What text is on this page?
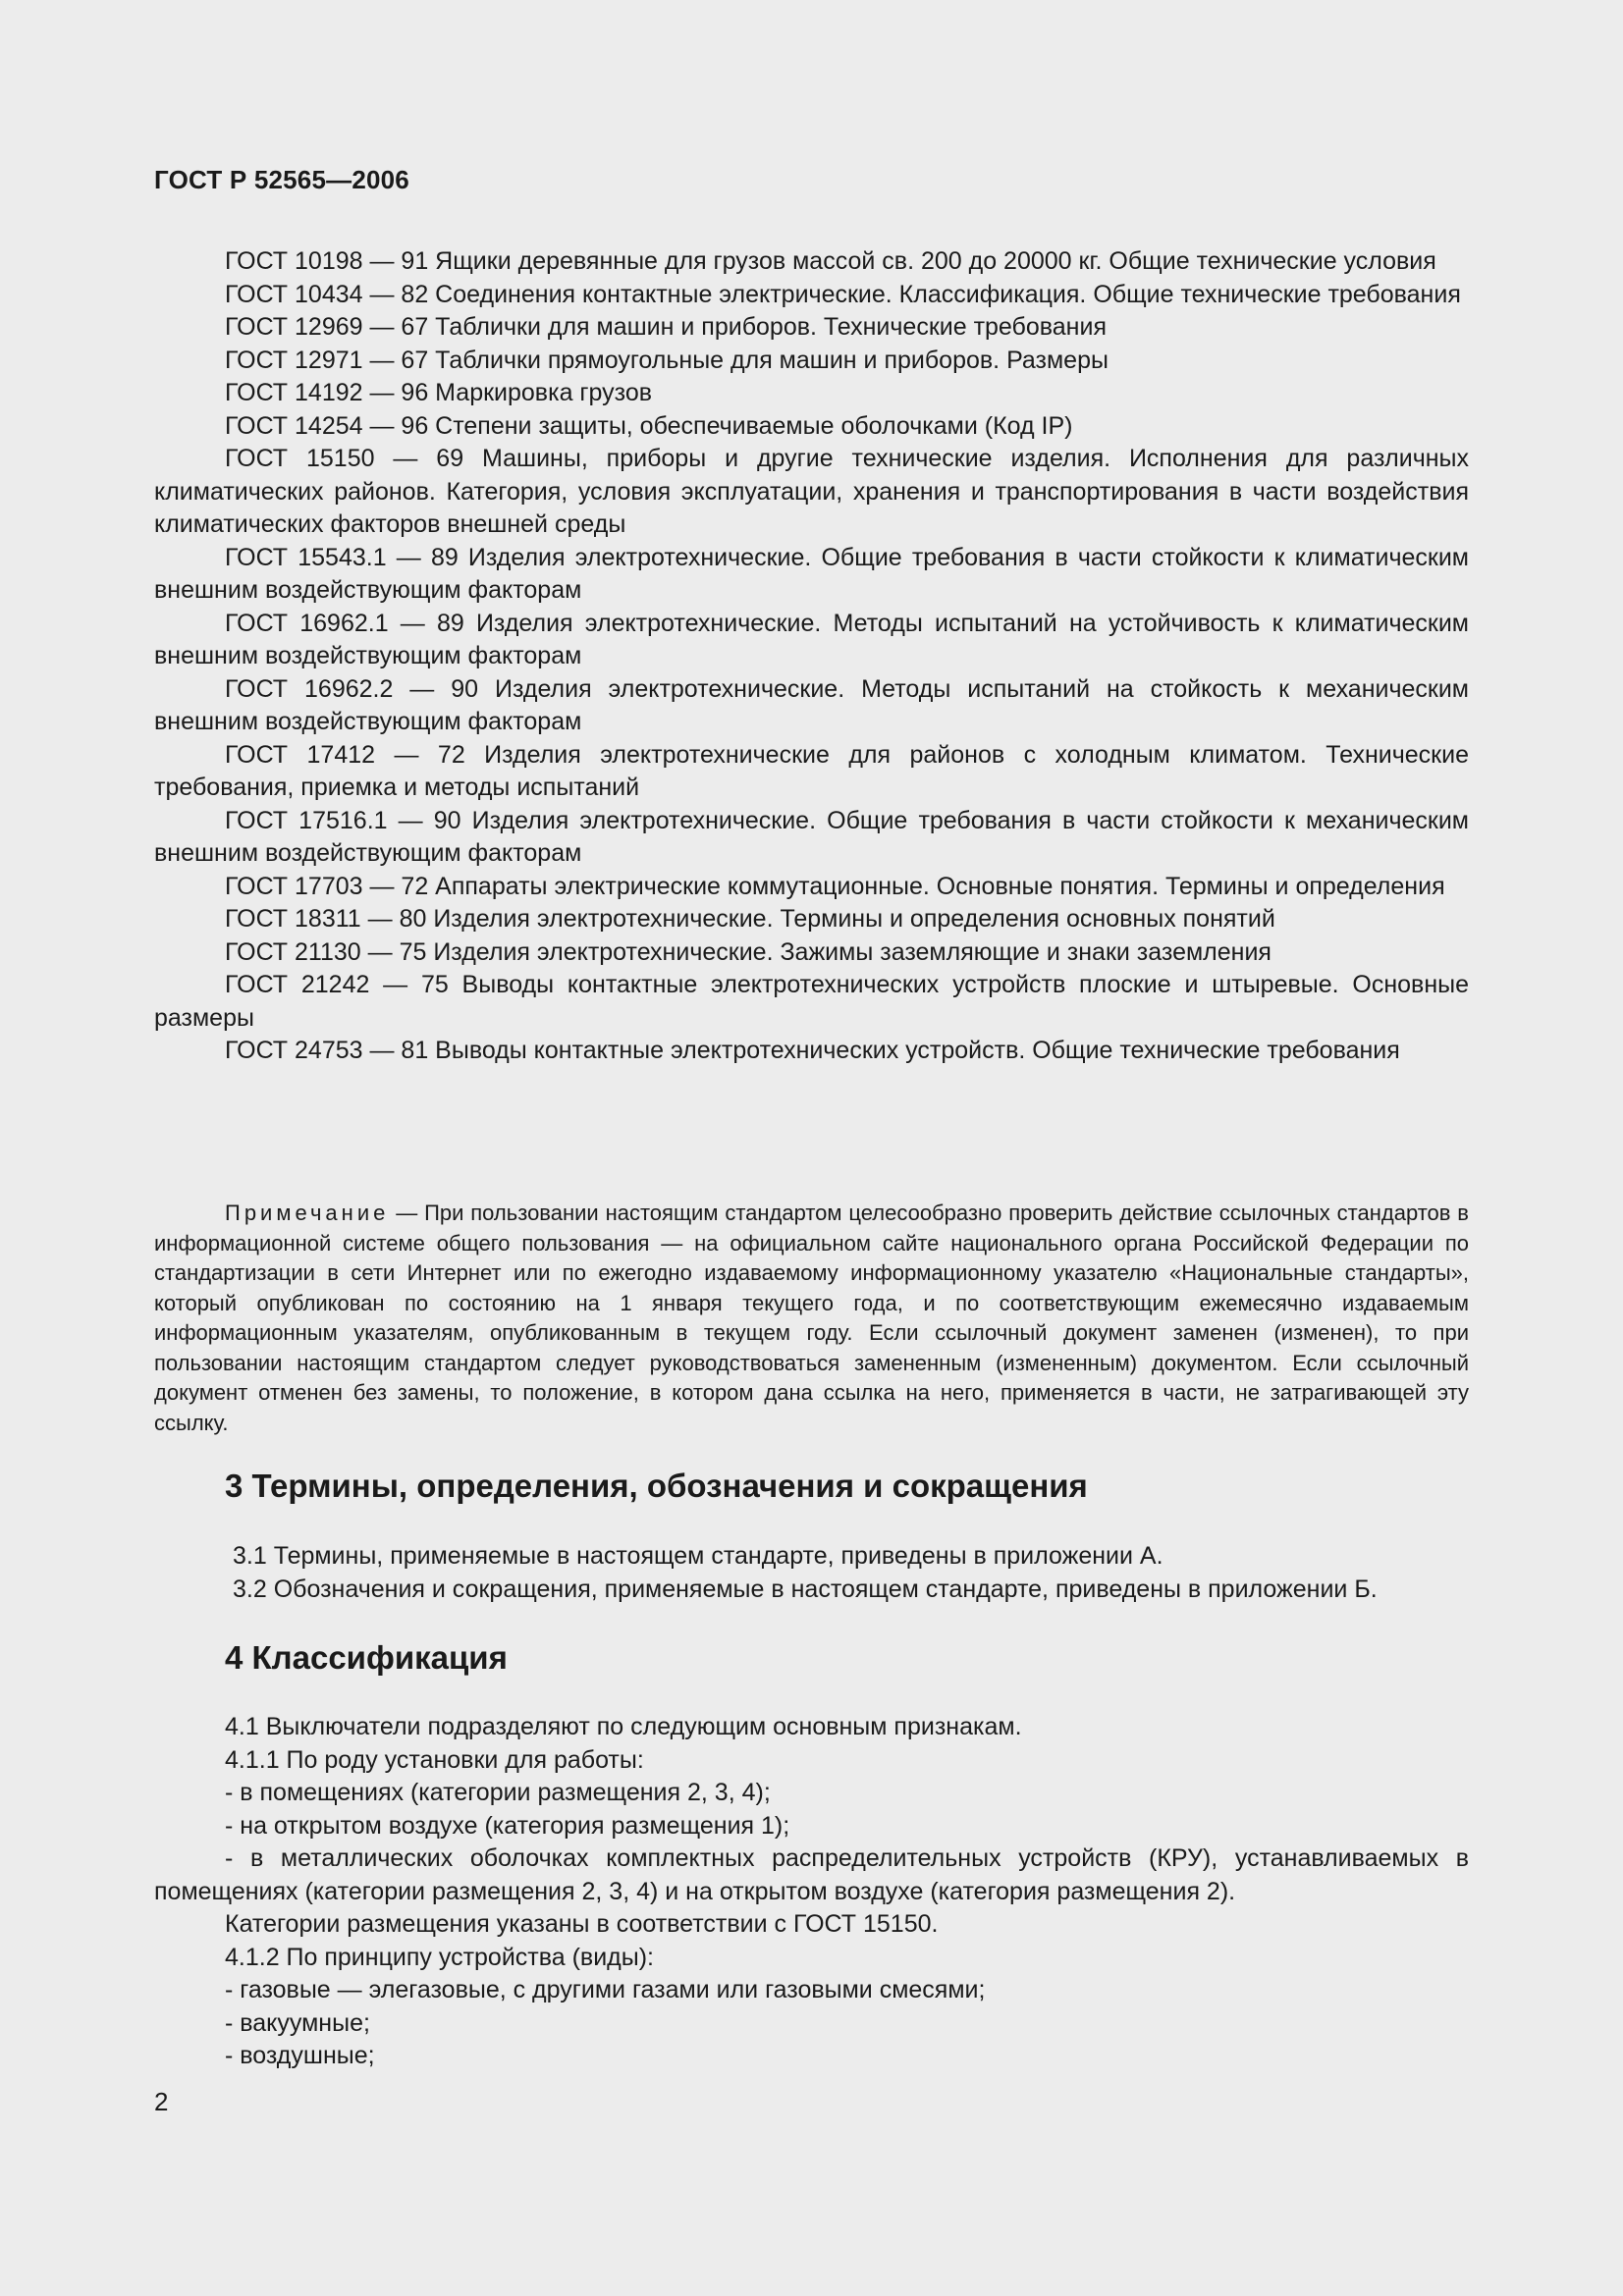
ГОСТ Р 52565—2006
ГОСТ 10198 — 91 Ящики деревянные для грузов массой св. 200 до 20000 кг. Общие технические условия
ГОСТ 10434 — 82 Соединения контактные электрические. Классификация. Общие технические требования
ГОСТ 12969 — 67 Таблички для машин и приборов. Технические требования
ГОСТ 12971 — 67 Таблички прямоугольные для машин и приборов. Размеры
ГОСТ 14192 — 96 Маркировка грузов
ГОСТ 14254 — 96 Степени защиты, обеспечиваемые оболочками (Код IP)
ГОСТ 15150 — 69 Машины, приборы и другие технические изделия. Исполнения для различных климатических районов. Категория, условия эксплуатации, хранения и транспортирования в части воздействия климатических факторов внешней среды
ГОСТ 15543.1 — 89 Изделия электротехнические. Общие требования в части стойкости к климатическим внешним воздействующим факторам
ГОСТ 16962.1 — 89 Изделия электротехнические. Методы испытаний на устойчивость к климатическим внешним воздействующим факторам
ГОСТ 16962.2 — 90 Изделия электротехнические. Методы испытаний на стойкость к механическим внешним воздействующим факторам
ГОСТ 17412 — 72 Изделия электротехнические для районов с холодным климатом. Технические требования, приемка и методы испытаний
ГОСТ 17516.1 — 90 Изделия электротехнические. Общие требования в части стойкости к механическим внешним воздействующим факторам
ГОСТ 17703 — 72 Аппараты электрические коммутационные. Основные понятия. Термины и определения
ГОСТ 18311 — 80 Изделия электротехнические. Термины и определения основных понятий
ГОСТ 21130 — 75 Изделия электротехнические. Зажимы заземляющие и знаки заземления
ГОСТ 21242 — 75 Выводы контактные электротехнических устройств плоские и штыревые. Основные размеры
ГОСТ 24753 — 81 Выводы контактные электротехнических устройств. Общие технические требования
Примечание — При пользовании настоящим стандартом целесообразно проверить действие ссылочных стандартов в информационной системе общего пользования — на официальном сайте национального органа Российской Федерации по стандартизации в сети Интернет или по ежегодно издаваемому информационному указателю «Национальные стандарты», который опубликован по состоянию на 1 января текущего года, и по соответствующим ежемесячно издаваемым информационным указателям, опубликованным в текущем году. Если ссылочный документ заменен (изменен), то при пользовании настоящим стандартом следует руководствоваться замененным (измененным) документом. Если ссылочный документ отменен без замены, то положение, в котором дана ссылка на него, применяется в части, не затрагивающей эту ссылку.
3 Термины, определения, обозначения и сокращения
3.1 Термины, применяемые в настоящем стандарте, приведены в приложении А.
3.2 Обозначения и сокращения, применяемые в настоящем стандарте, приведены в приложении Б.
4 Классификация
4.1 Выключатели подразделяют по следующим основным признакам.
4.1.1 По роду установки для работы:
- в помещениях (категории размещения 2, 3, 4);
- на открытом воздухе (категория размещения 1);
- в металлических оболочках комплектных распределительных устройств (КРУ), устанавливаемых в помещениях (категории размещения 2, 3, 4) и на открытом воздухе (категория размещения 2).
Категории размещения указаны в соответствии с ГОСТ 15150.
4.1.2 По принципу устройства (виды):
- газовые — элегазовые, с другими газами или газовыми смесями;
- вакуумные;
- воздушные;
2
